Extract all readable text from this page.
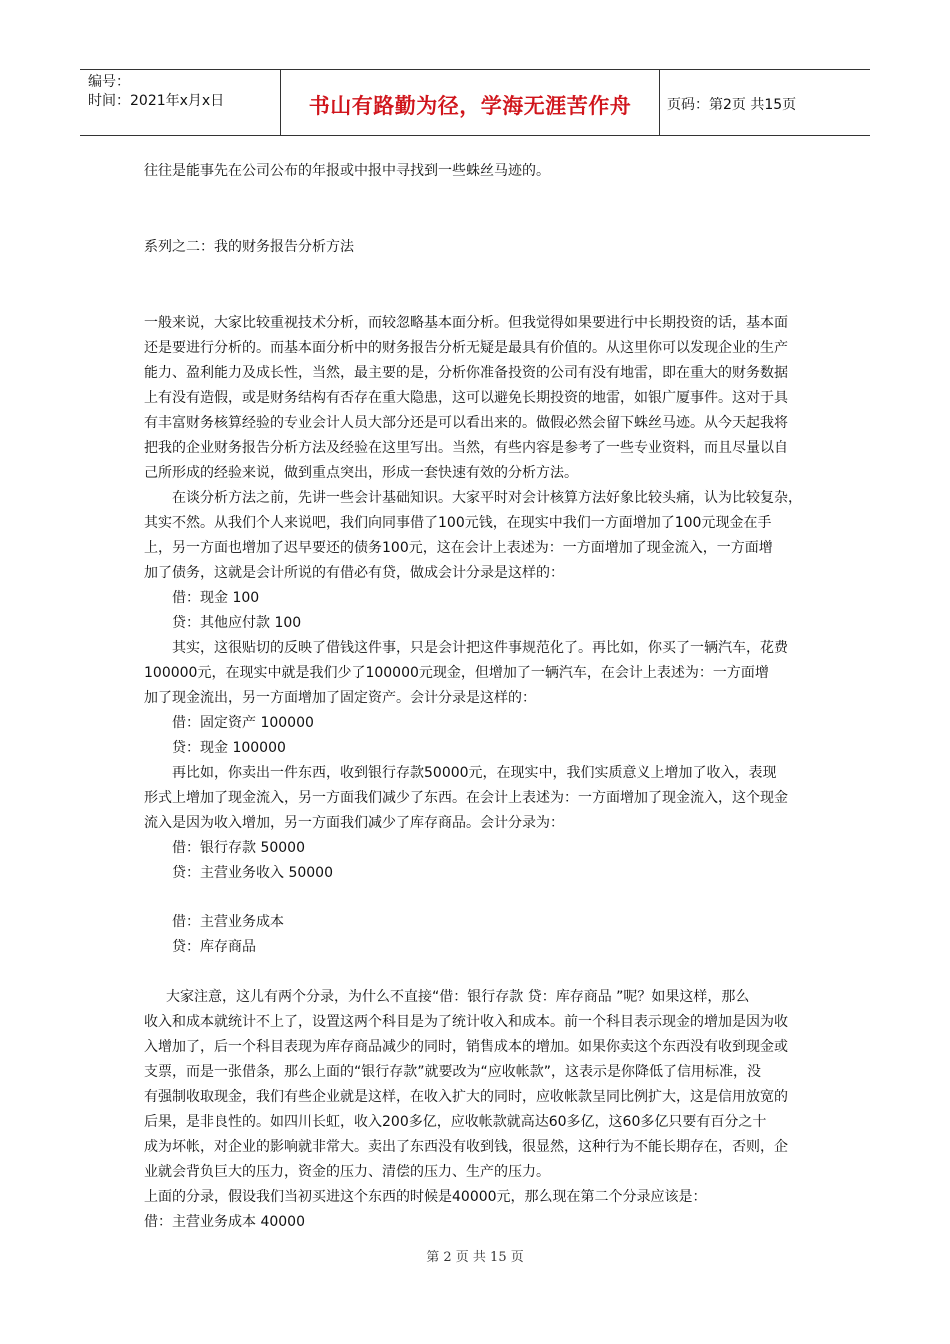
编号：
时间：2021年x月x日	书山有路勤为径，学海无涯苦作舟	页码：第2页 共15页
往往是能事先在公司公布的年报或中报中寻找到一些蛛丝马迹的。
系列之二：我的财务报告分析方法
一般来说，大家比较重视技术分析，而较忽略基本面分析。但我觉得如果要进行中长期投资的话，基本面
还是要进行分析的。而基本面分析中的财务报告分析无疑是最具有价值的。从这里你可以发现企业的生产
能力、盈利能力及成长性，当然，最主要的是，分析你准备投资的公司有没有地雷，即在重大的财务数据
上有没有造假，或是财务结构有否存在重大隐患，这可以避免长期投资的地雷，如银广厦事件。这对于具
有丰富财务核算经验的专业会计人员大部分还是可以看出来的。做假必然会留下蛛丝马迹。从今天起我将
把我的企业财务报告分析方法及经验在这里写出。当然，有些内容是参考了一些专业资料，而且尽量以自
己所形成的经验来说，做到重点突出，形成一套快速有效的分析方法。
在谈分析方法之前，先讲一些会计基础知识。大家平时对会计核算方法好象比较头痛，认为比较复杂，
其实不然。从我们个人来说吧，我们向同事借了100元钱，在现实中我们一方面增加了100元现金在手
上，另一方面也增加了迟早要还的债务100元，这在会计上表述为：一方面增加了现金流入，一方面增
加了债务，这就是会计所说的有借必有贷，做成会计分录是这样的：
借：现金 100
贷：其他应付款 100
其实，这很贴切的反映了借钱这件事，只是会计把这件事规范化了。再比如，你买了一辆汽车，花费
100000元，在现实中就是我们少了100000元现金，但增加了一辆汽车，在会计上表述为：一方面增
加了现金流出，另一方面增加了固定资产。会计分录是这样的：
借：固定资产 100000
贷：现金 100000
再比如，你卖出一件东西，收到银行存款50000元，在现实中，我们实质意义上增加了收入，表现
形式上增加了现金流入，另一方面我们减少了东西。在会计上表述为：一方面增加了现金流入，这个现金
流入是因为收入增加，另一方面我们减少了库存商品。会计分录为：
借：银行存款 50000
贷：主营业务收入 50000
借：主营业务成本
贷：库存商品
大家注意，这儿有两个分录，为什么不直接“借：银行存款 贷：库存商品 ”呢？如果这样，那么
收入和成本就统计不上了，设置这两个科目是为了统计收入和成本。前一个科目表示现金的增加是因为收
入增加了，后一个科目表现为库存商品减少的同时，销售成本的增加。如果你卖这个东西没有收到现金或
支票，而是一张借条，那么上面的“银行存款”就要改为“应收帐款”，这表示是你降低了信用标准，没
有强制收取现金，我们有些企业就是这样，在收入扩大的同时，应收帐款呈同比例扩大，这是信用放宽的
后果，是非良性的。如四川长虹，收入200多亿，应收帐款就高达60多亿，这60多亿只要有百分之十
成为坏帐，对企业的影响就非常大。卖出了东西没有收到钱，很显然，这种行为不能长期存在，否则，企
业就会背负巨大的压力，资金的压力、清偿的压力、生产的压力。
上面的分录，假设我们当初买进这个东西的时候是40000元，那么现在第二个分录应该是：
借：主营业务成本 40000
第 2 页 共 15 页
